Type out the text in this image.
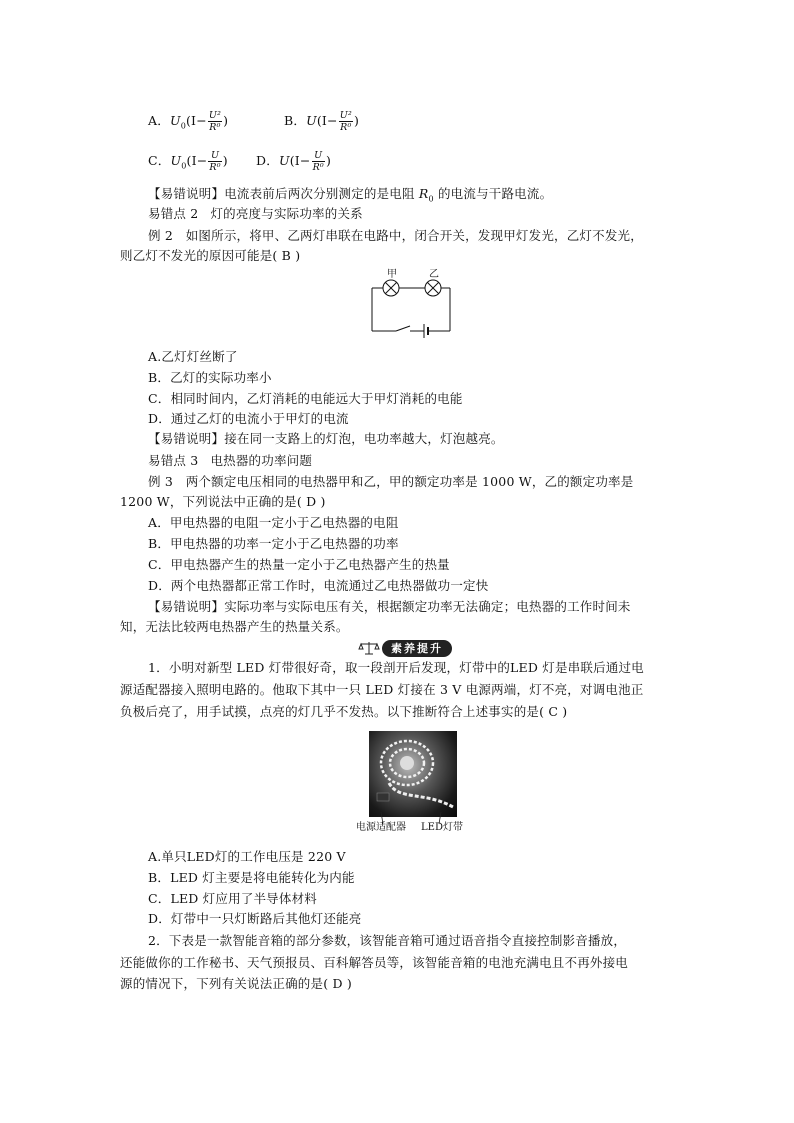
A．$U_0(I- \frac{\text{U²}}{\text{R⁰}}$ )	B．$U(I- \frac{\text{U²}}{\text{R⁰}}$ )
C．$U_0(I- \frac{U}{\text{R⁰}}$ ) D．$U(I- \frac{U}{\text{R⁰}}$ )
【易错说明】电流表前后两次分别测定的是电阻 $R_0$ 的电流与干路电流。
易错点 2 灯的亮度与实际功率的关系
例 2　如图所示，将甲、乙两灯串联在电路中，闭合开关，发现甲灯发光，乙灯不发光，
则乙灯不发光的原因可能是( B )
甲	乙
A.乙灯灯丝断了
B．乙灯的实际功率小
C．相同时间内，乙灯消耗的电能远大于甲灯消耗的电能
D．通过乙灯的电流小于甲灯的电流
【易错说明】接在同一支路上的灯泡，电功率越大，灯泡越亮。
易错点 3 电热器的功率问题
例 3　两个额定电压相同的电热器甲和乙，甲的额定功率是 1000 W，乙的额定功率是
1200 W，下列说法中正确的是( D )
A．甲电热器的电阻一定小于乙电热器的电阻
B．甲电热器的功率一定小于乙电热器的功率
C．甲电热器产生的热量一定小于乙电热器产生的热量
D．两个电热器都正常工作时，电流通过乙电热器做功一定快
【易错说明】实际功率与实际电压有关，根据额定功率无法确定；电热器的工作时间未
知，无法比较两电热器产生的热量关系。
素养提升
1．小明对新型 LED 灯带很好奇，取一段剖开后发现，灯带中的LED 灯是串联后通过电
源适配器接入照明电路的。他取下其中一只 LED 灯接在 3 V 电源两端，灯不亮，对调电池正
负极后亮了，用手试摸，点亮的灯几乎不发热。以下推断符合上述事实的是( C )
电源适配器 LED灯带
A.单只LED灯的工作电压是 220 V
B．LED 灯主要是将电能转化为内能
C．LED 灯应用了半导体材料
D．灯带中一只灯断路后其他灯还能亮
2．下表是一款智能音箱的部分参数，该智能音箱可通过语音指令直接控制影音播放，
还能做你的工作秘书、天气预报员、百科解答员等，该智能音箱的电池充满电且不再外接电
源的情况下，下列有关说法正确的是( D )
